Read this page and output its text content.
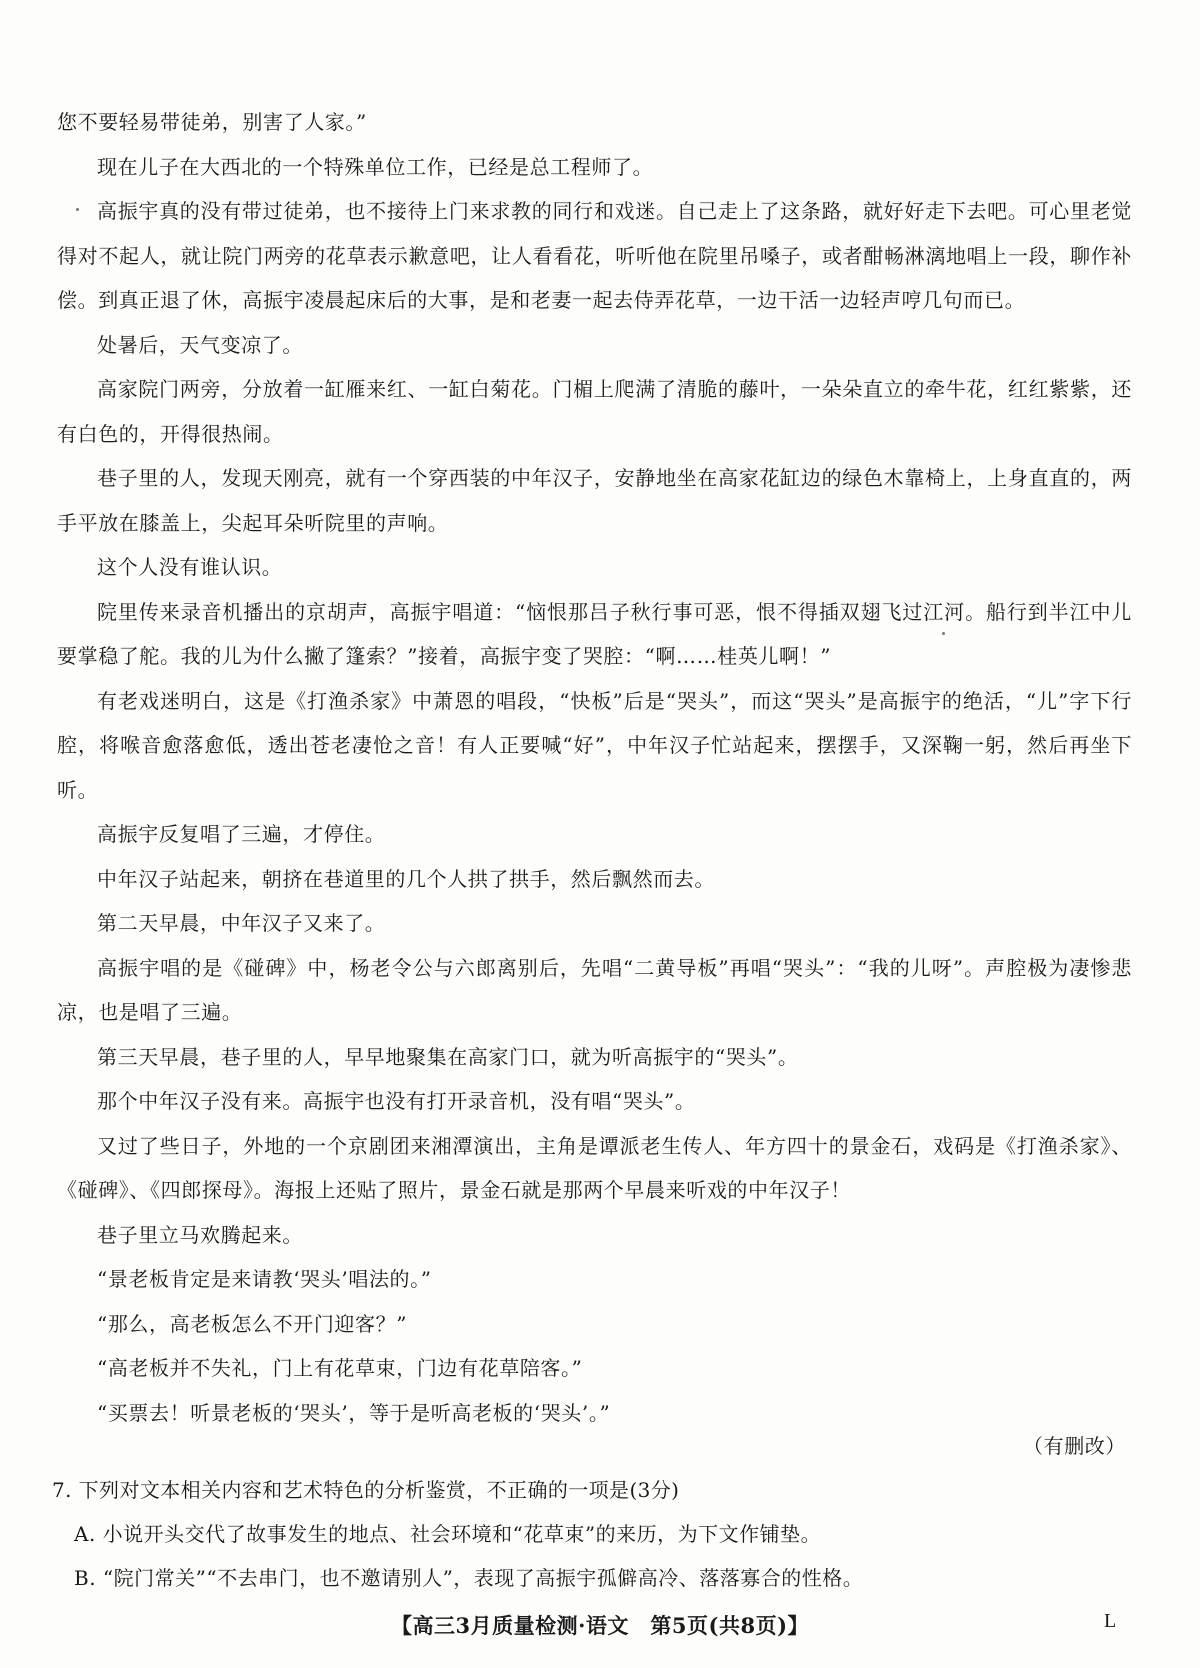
您不要轻易带徒弟，别害了人家。”

现在儿子在大西北的一个特殊单位工作，已经是总工程师了。

高振宇真的没有带过徒弟，也不接待上门来求教的同行和戏迷。自己走上了这条路，就好好走下去吧。可心里老觉得对不起人，就让院门两旁的花草表示歉意吧，让人看看花，听听他在院里吊嗓子，或者酣畅淋漓地唱上一段，聊作补偿。到真正退了休，高振宇凌晨起床后的大事，是和老妻一起去侍弄花草，一边干活一边轻声哼几句而已。

处暑后，天气变凉了。

高家院门两旁，分放着一缸雁来红、一缸白菊花。门楣上爬满了清脆的藤叶，一朵朵直立的牵牛花，红红紫紫，还有白色的，开得很热闹。

巷子里的人，发现天刚亮，就有一个穿西装的中年汉子，安静地坐在高家花缸边的绿色木靠椅上，上身直直的，两手平放在膝盖上，尖起耳朵听院里的声响。

这个人没有谁认识。

院里传来录音机播出的京胡声，高振宇唱道：“恼恨那吕子秋行事可恶，恨不得插双翅飞过江河。船行到半江中儿要掌稳了舵。我的儿为什么撇了篷索？”接着，高振宇变了哭腔：“啊……桂英儿啊！”

有老戏迷明白，这是《打渔杀家》中萧恩的唱段，“快板”后是“哭头”，而这“哭头”是高振宇的绝活，“儿”字下行腔，将喉音愈落愈低，透出苍老凄怆之音！有人正要喊“好”，中年汉子忙站起来，摆摆手，又深鞠一躬，然后再坐下听。

高振宇反复唱了三遍，才停住。

中年汉子站起来，朝挤在巷道里的几个人拱了拱手，然后飘然而去。

第二天早晨，中年汉子又来了。

高振宇唱的是《碰碑》中，杨老令公与六郎离别后，先唱“二黄导板”再唱“哭头”：“我的儿呀”。声腔极为凄惨悲凉，也是唱了三遍。

第三天早晨，巷子里的人，早早地聚集在高家门口，就为听高振宇的“哭头”。

那个中年汉子没有来。高振宇也没有打开录音机，没有唱“哭头”。

又过了些日子，外地的一个京剧团来湘潭演出，主角是谭派老生传人、年方四十的景金石，戏码是《打渔杀家》、《碰碑》、《四郎探母》。海报上还贴了照片，景金石就是那两个早晨来听戏的中年汉子！

巷子里立马欢腾起来。

“景老板肯定是来请教‘哭头’唱法的。”

“那么，高老板怎么不开门迎客？”

“高老板并不失礼，门上有花草束，门边有花草陪客。”

“买票去！听景老板的‘哭头’，等于是听高老板的‘哭头’。”

（有删改）

7. 下列对文本相关内容和艺术特色的分析鉴赏，不正确的一项是(3分)

A. 小说开头交代了故事发生的地点、社会环境和“花草束”的来历，为下文作铺垫。

B. “院门常关”“不去串门，也不邀请别人”，表现了高振宇孤僻高冷、落落寡合的性格。

【高三3月质量检测·语文　第5页(共8页)】	L
